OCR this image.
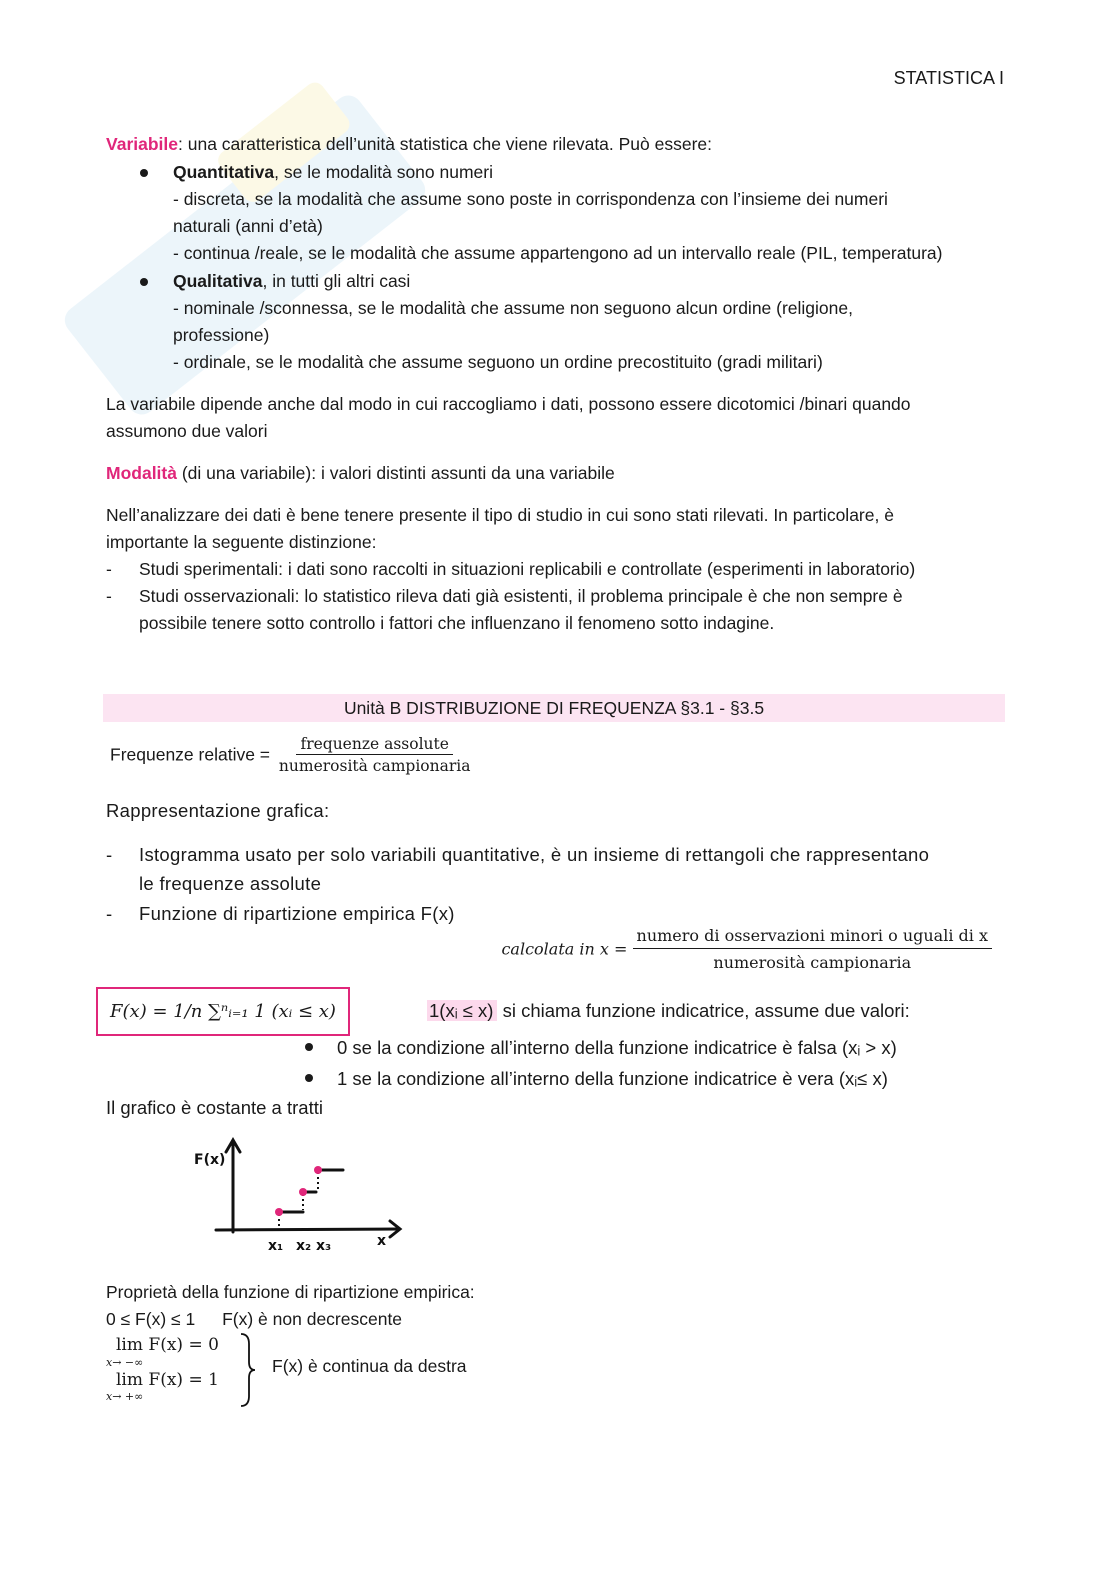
STATISTICA I
Variabile: una caratteristica dell’unità statistica che viene rilevata. Può essere:
Quantitativa, se le modalità sono numeri
- discreta, se la modalità che assume sono poste in corrispondenza con l’insieme dei numeri
naturali (anni d’età)
- continua /reale, se le modalità che assume appartengono ad un intervallo reale (PIL, temperatura)
Qualitativa, in tutti gli altri casi
- nominale /sconnessa, se le modalità che assume non seguono alcun ordine (religione,
professione)
- ordinale, se le modalità che assume seguono un ordine precostituito (gradi militari)
La variabile dipende anche dal modo in cui raccogliamo i dati, possono essere dicotomici /binari quando
assumono due valori
Modalità (di una variabile): i valori distinti assunti da una variabile
Nell’analizzare dei dati è bene tenere presente il tipo di studio in cui sono stati rilevati. In particolare, è
importante la seguente distinzione:
- Studi sperimentali: i dati sono raccolti in situazioni replicabili e controllate (esperimenti in laboratorio)
- Studi osservazionali: lo statistico rileva dati già esistenti, il problema principale è che non sempre è
possibile tenere sotto controllo i fattori che influenzano il fenomeno sotto indagine.
Unità B DISTRIBUZIONE DI FREQUENZA §3.1 - §3.5
Frequenze relative = $\frac{\text{frequenze assolute}}{\text{numerosità campionaria}}$
Rappresentazione grafica:
- Istogramma usato per solo variabili quantitative, è un insieme di rettangoli che rappresentano
le frequenze assolute
- Funzione di ripartizione empirica F(x)
calcolata in $x = \frac{\text{numero di osservazioni minori o uguali di x}}{\text{numerosità campionaria}}$
F(x) = 1/n ∑ⁿᵢ₌₁ 1 (xᵢ ≤ x)	1(xᵢ ≤ x) si chiama funzione indicatrice, assume due valori:
0 se la condizione all’interno della funzione indicatrice è falsa (xᵢ > x)
1 se la condizione all’interno della funzione indicatrice è vera (xᵢ≤ x)
Il grafico è costante a tratti
F(x)
x₁ x₂ x₃	x
Proprietà della funzione di ripartizione empirica:
0 ≤ F(x) ≤ 1 F(x) è non decrescente
lim F(x) = 0
x→ −∞
lim F(x) = 1
x→ +∞
F(x) è continua da destra
